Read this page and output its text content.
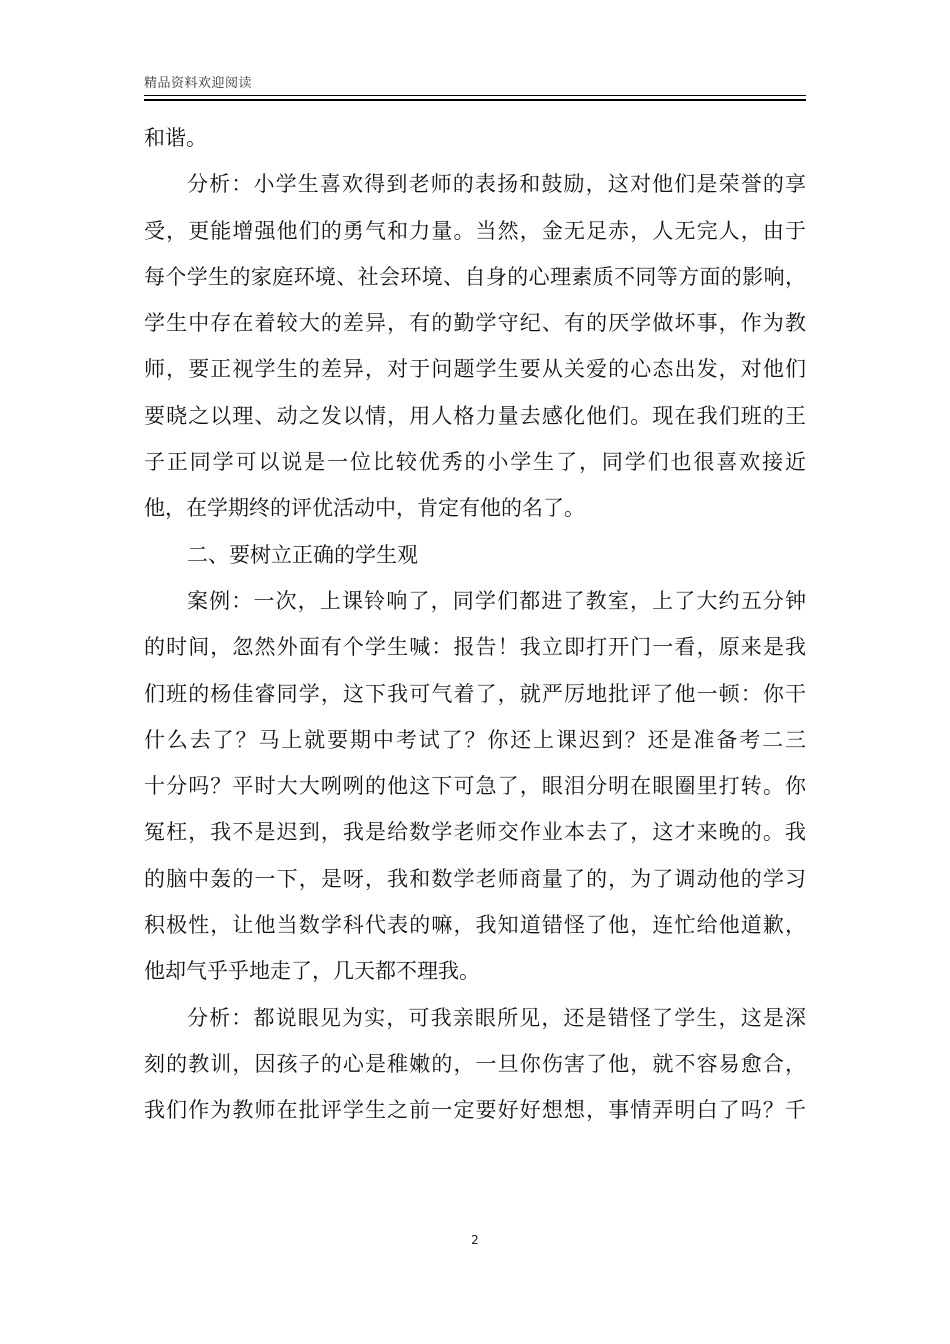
精品资料欢迎阅读
和谐。
分析：小学生喜欢得到老师的表扬和鼓励，这对他们是荣誉的享
受，更能增强他们的勇气和力量。当然，金无足赤，人无完人，由于
每个学生的家庭环境、社会环境、自身的心理素质不同等方面的影响，
学生中存在着较大的差异，有的勤学守纪、有的厌学做坏事，作为教
师，要正视学生的差异，对于问题学生要从关爱的心态出发，对他们
要晓之以理、动之发以情，用人格力量去感化他们。现在我们班的王
子正同学可以说是一位比较优秀的小学生了，同学们也很喜欢接近
他，在学期终的评优活动中，肯定有他的名了。
二、要树立正确的学生观
案例：一次，上课铃响了，同学们都进了教室，上了大约五分钟
的时间，忽然外面有个学生喊：报告！我立即打开门一看，原来是我
们班的杨佳睿同学，这下我可气着了，就严厉地批评了他一顿：你干
什么去了？马上就要期中考试了？你还上课迟到？还是准备考二三
十分吗？平时大大咧咧的他这下可急了，眼泪分明在眼圈里打转。你
冤枉，我不是迟到，我是给数学老师交作业本去了，这才来晚的。我
的脑中轰的一下，是呀，我和数学老师商量了的，为了调动他的学习
积极性，让他当数学科代表的嘛，我知道错怪了他，连忙给他道歉，
他却气乎乎地走了，几天都不理我。
分析：都说眼见为实，可我亲眼所见，还是错怪了学生，这是深
刻的教训，因孩子的心是稚嫩的，一旦你伤害了他，就不容易愈合，
我们作为教师在批评学生之前一定要好好想想，事情弄明白了吗？千
2
